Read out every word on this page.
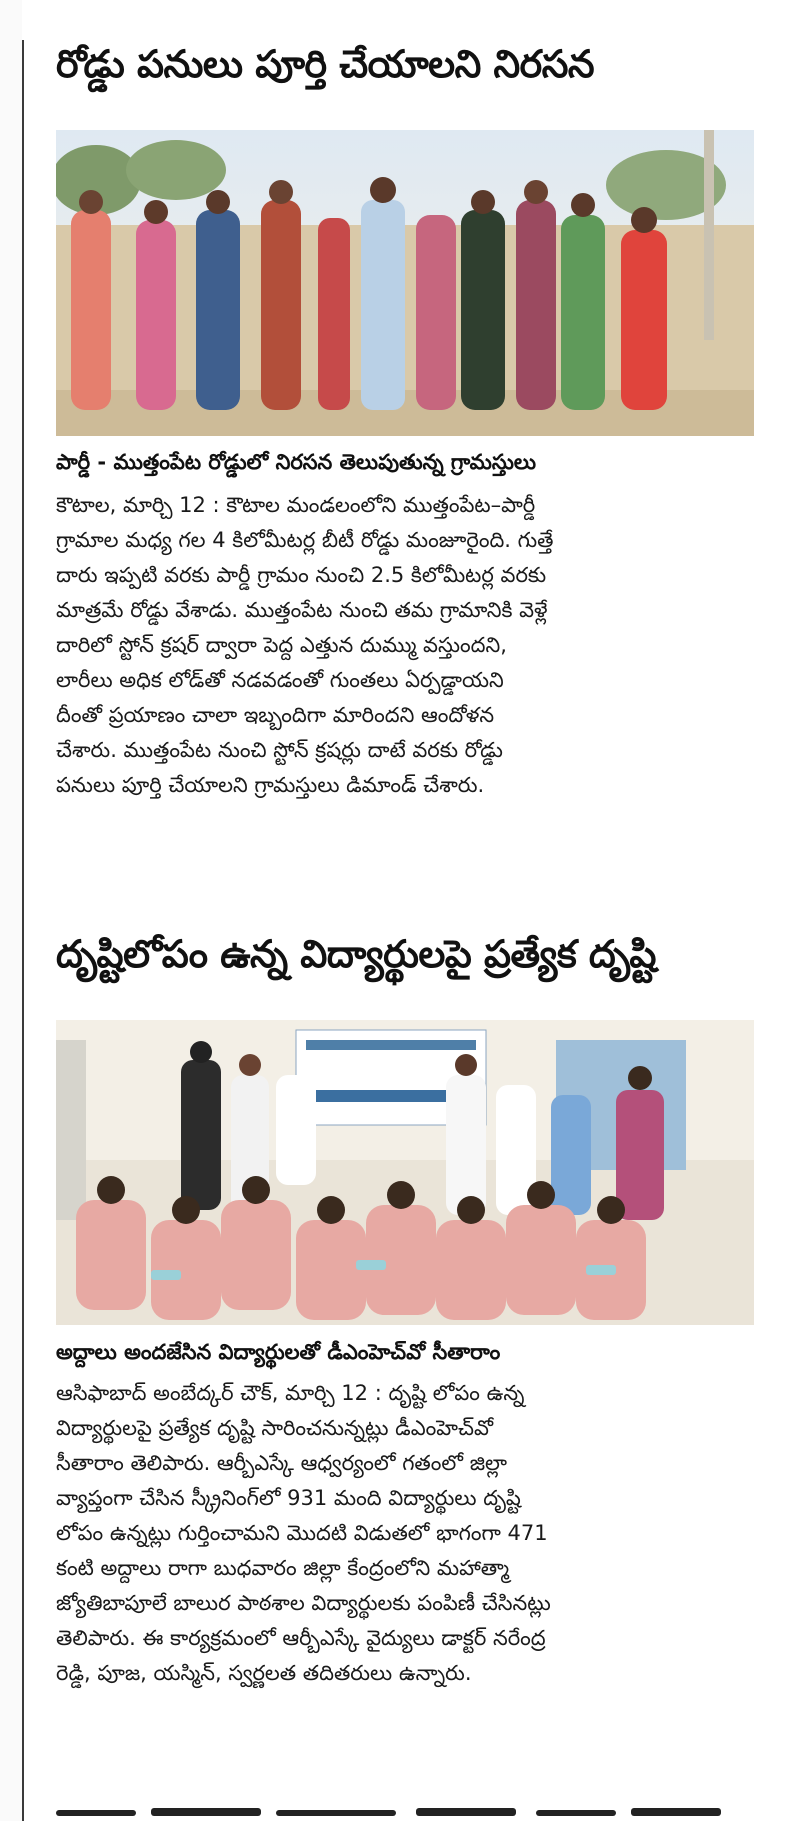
రోడ్డు పనులు పూర్తి చేయాలని నిరసన
పార్డీ - ముత్తంపేట రోడ్డులో నిరసన తెలుపుతున్న గ్రామస్తులు

కౌటాల, మార్చి 12 : కౌటాల మండలంలోని ముత్తంపేట–పార్డీ
గ్రామాల మధ్య గల 4 కిలోమీటర్ల బీటీ రోడ్డు మంజూరైంది. గుత్తే
దారు ఇప్పటి వరకు పార్డీ గ్రామం నుంచి 2.5 కిలోమీటర్ల వరకు
మాత్రమే రోడ్డు వేశాడు. ముత్తంపేట నుంచి తమ గ్రామానికి వెళ్లే
దారిలో స్టోన్ క్రషర్ ద్వారా పెద్ద ఎత్తున దుమ్ము వస్తుందని,
లారీలు అధిక లోడ్‌తో నడవడంతో గుంతలు ఏర్పడ్డాయని
దీంతో ప్రయాణం చాలా ఇబ్బందిగా మారిందని ఆందోళన
చేశారు. ముత్తంపేట నుంచి స్టోన్ క్రషర్లు దాటే వరకు రోడ్డు
పనులు పూర్తి చేయాలని గ్రామస్తులు డిమాండ్ చేశారు.

దృష్టిలోపం ఉన్న విద్యార్థులపై ప్రత్యేక దృష్టి
అద్దాలు అందజేసిన విద్యార్థులతో డీఎంహెచ్‌వో సీతారాం

ఆసిఫాబాద్ అంబేద్కర్ చౌక్, మార్చి 12 : దృష్టి లోపం ఉన్న
విద్యార్థులపై ప్రత్యేక దృష్టి సారించనున్నట్లు డీఎంహెచ్‌వో
సీతారాం తెలిపారు. ఆర్బీఎస్కే ఆధ్వర్యంలో గతంలో జిల్లా
వ్యాప్తంగా చేసిన స్క్రీనింగ్‌లో 931 మంది విద్యార్థులు దృష్టి
లోపం ఉన్నట్లు గుర్తించామని మొదటి విడుతలో భాగంగా 471
కంటి అద్దాలు రాగా బుధవారం జిల్లా కేంద్రంలోని మహాత్మా
జ్యోతిబాపూలే బాలుర పాఠశాల విద్యార్థులకు పంపిణీ చేసినట్లు
తెలిపారు. ఈ కార్యక్రమంలో ఆర్బీఎస్కే వైద్యులు డాక్టర్ నరేంద్ర
రెడ్డి, పూజ, యస్మిన్, స్వర్ణలత తదితరులు ఉన్నారు.
